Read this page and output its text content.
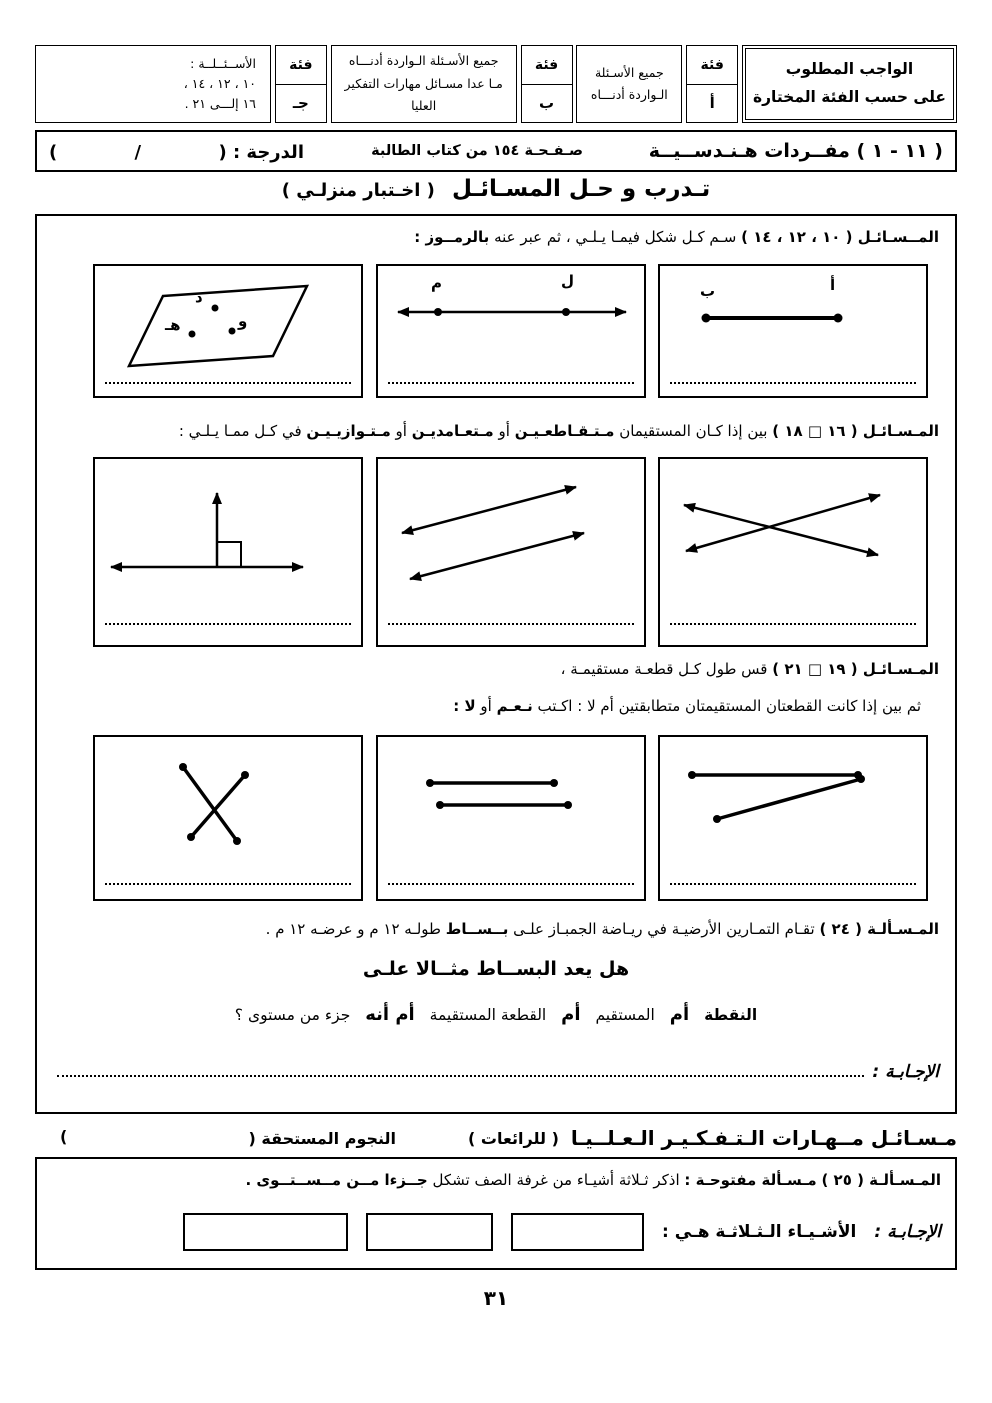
الواجب المطلوب
على حسب الفئة المختارة
فئة
أ
جميع الأسـئلة
الـواردة أدنـــاه
فئة
ب
جميع الأسـئلة الـواردة أدنـــاه
مـا عدا مسـائل مهارات التفكير العليا
فئة
جـ
الأســئــلــة :
١٠ ، ١٢ ، ١٤ ،
١٦ إلـــى ٢١ .
( ١١ - ١ ) مفــردات هـنـدســيــة
صـفـحـة ١٥٤ من كتاب الطالبة
الدرجة : (
/
)
تـدرب و حـل المسـائـل ( اخـتبار منزلـي )
المــسـائـل ( ١٠ ، ١٢ ، ١٤ ) سـم كـل شكل فيمـا يـلـي ، ثم عبر عنه بالرمــوز :
أ
ب
ل
م
د
هـ	و
المـسـائـل ( ١٦ □ ١٨ ) بين إذا كـان المستقيمان مـتـقـاطعـيـن أو مـتعـامديـن أو مـتـوازيـيـن في كـل ممـا يـلـي :
المـسـائـل ( ١٩ □ ٢١ ) قس طول كـل قطعـة مستقيمـة ،
ثم بين إذا كانت القطعتان المستقيمتان متطابقتين أم لا : اكـتب نـعـم أو لا :
المـسـألـة ( ٢٤ ) تقـام التمـارين الأرضيـة في ريـاضة الجمبـاز علـى بــســاط طولـه ١٢ م و عرضـه ١٢ م .
هل يعد البســاط مثــالا علـى
النقطة أم المستقيم أم القطعة المستقيمة أم أنه جزء من مستوى ؟
الإجـابـة :
مـسـائـل مــهـارات الـتـفـكـيـر الـعـلــيـا
( للرائعات )
النجوم المستحقة (
)
المـسـألـة ( ٢٥ ) مـسـألة مفتوحـة : اذكر ثـلاثة أشيـاء من غرفة الصف تشكل جــزءا مــن مــســتــوى .
الإجـابـة :
الأشـيـاء الـثـلاثـة هـي :
٣١
